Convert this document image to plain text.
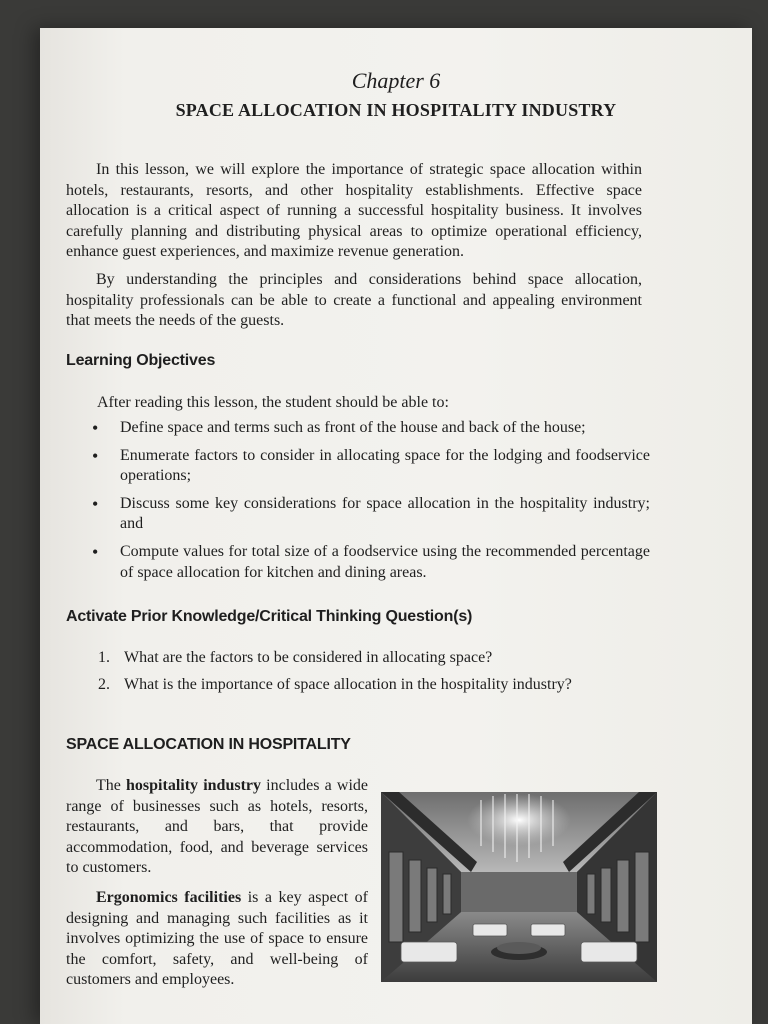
Chapter 6
SPACE ALLOCATION IN HOSPITALITY INDUSTRY

In this lesson, we will explore the importance of strategic space allocation within hotels, restaurants, resorts, and other hospitality establishments. Effective space allocation is a critical aspect of running a successful hospitality business. It involves carefully planning and distributing physical areas to optimize operational efficiency, enhance guest experiences, and maximize revenue generation.

By understanding the principles and considerations behind space allocation, hospitality professionals can be able to create a functional and appealing environment that meets the needs of the guests.

Learning Objectives
After reading this lesson, the student should be able to:
• Define space and terms such as front of the house and back of the house;
• Enumerate factors to consider in allocating space for the lodging and foodservice operations;
• Discuss some key considerations for space allocation in the hospitality industry; and
• Compute values for total size of a foodservice using the recommended percentage of space allocation for kitchen and dining areas.
Activate Prior Knowledge/Critical Thinking Question(s)
1. What are the factors to be considered in allocating space?
2. What is the importance of space allocation in the hospitality industry?
SPACE ALLOCATION IN HOSPITALITY

The hospitality industry includes a wide range of businesses such as hotels, resorts, restaurants, and bars, that provide accommodation, food, and beverage services to customers.

Ergonomics facilities is a key aspect of designing and managing such facilities as it involves optimizing the use of space to ensure the comfort, safety, and well-being of customers and employees.
